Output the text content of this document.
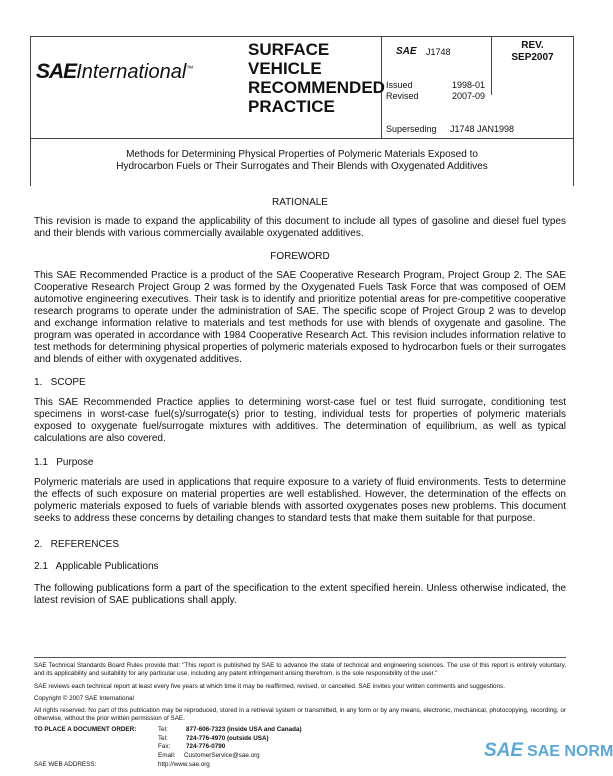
SAEInternational™
SURFACE
VEHICLE
RECOMMENDED
PRACTICE
SAE J1748
REV.
SEP2007
Issued	1998-01
Revised	2007-09
Superseding J1748 JAN1998
Methods for Determining Physical Properties of Polymeric Materials Exposed to
Hydrocarbon Fuels or Their Surrogates and Their Blends with Oxygenated Additives
RATIONALE
This revision is made to expand the applicability of this document to include all types of gasoline and diesel fuel types and their blends with various commercially available oxygenated additives.
FOREWORD
This SAE Recommended Practice is a product of the SAE Cooperative Research Program, Project Group 2. The SAE Cooperative Research Project Group 2 was formed by the Oxygenated Fuels Task Force that was composed of OEM automotive engineering executives. Their task is to identify and prioritize potential areas for pre-competitive cooperative research programs to operate under the administration of SAE. The specific scope of Project Group 2 was to develop and exchange information relative to materials and test methods for use with blends of oxygenate and gasoline. The program was operated in accordance with 1984 Cooperative Research Act. This revision includes information relative to test methods for determining physical properties of polymeric materials exposed to hydrocarbon fuels or their surrogates and blends of either with oxygenated additives.
1.   SCOPE
This SAE Recommended Practice applies to determining worst-case fuel or test fluid surrogate, conditioning test specimens in worst-case fuel(s)/surrogate(s) prior to testing, individual tests for properties of polymeric materials exposed to oxygenate fuel/surrogate mixtures with additives. The determination of equilibrium, as well as typical calculations are also covered.
1.1   Purpose
Polymeric materials are used in applications that require exposure to a variety of fluid environments. Tests to determine the effects of such exposure on material properties are well established. However, the determination of the effects on polymeric materials exposed to fuels of variable blends with assorted oxygenates poses new problems. This document seeks to address these concerns by detailing changes to standard tests that make them suitable for that purpose.
2.   REFERENCES
2.1   Applicable Publications
The following publications form a part of the specification to the extent specified herein. Unless otherwise indicated, the latest revision of SAE publications shall apply.
SAE Technical Standards Board Rules provide that: "This report is published by SAE to advance the state of technical and engineering sciences. The use of this report is entirely voluntary, and its applicability and suitability for any particular use, including any patent infringement arising therefrom, is the sole responsibility of the user."
SAE reviews each technical report at least every five years at which time it may be reaffirmed, revised, or cancelled. SAE invites your written comments and suggestions.
Copyright © 2007 SAE International
All rights reserved. No part of this publication may be reproduced, stored in a retrieval system or transmitted, in any form or by any means, electronic, mechanical, photocopying, recording, or otherwise, without the prior written permission of SAE.
TO PLACE A DOCUMENT ORDER:	Tel:	877-606-7323 (inside USA and Canada)
Tel:	724-776-4970 (outside USA)
Fax:	724-776-0790
Email: CustomerService@sae.org
SAE WEB ADDRESS:	http://www.sae.org
SAE SAE NORM
